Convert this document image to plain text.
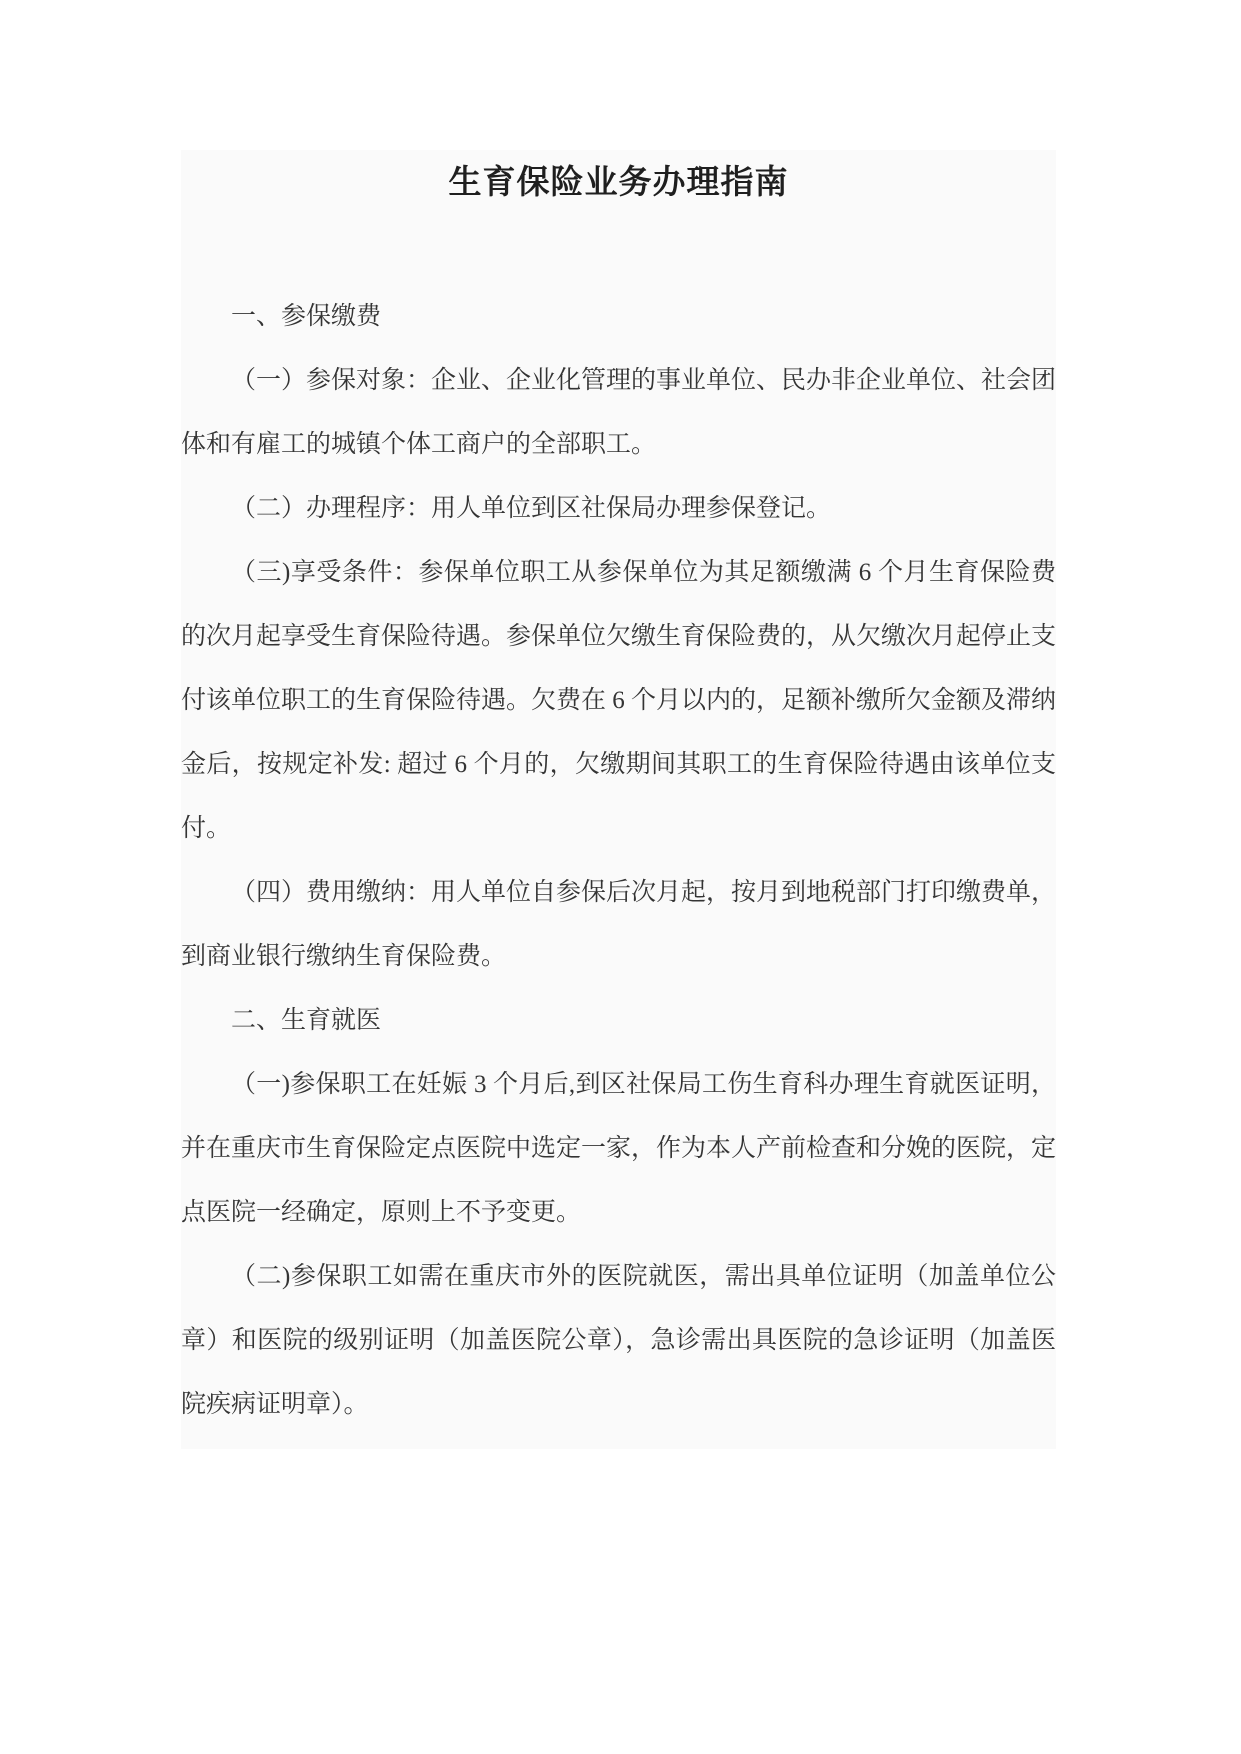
生育保险业务办理指南

一、参保缴费

（一）参保对象：企业、企业化管理的事业单位、民办非企业单位、社会团体和有雇工的城镇个体工商户的全部职工。

（二）办理程序：用人单位到区社保局办理参保登记。

（三)享受条件：参保单位职工从参保单位为其足额缴满 6 个月生育保险费的次月起享受生育保险待遇。参保单位欠缴生育保险费的，从欠缴次月起停止支付该单位职工的生育保险待遇。欠费在 6 个月以内的，足额补缴所欠金额及滞纳金后，按规定补发: 超过 6 个月的，欠缴期间其职工的生育保险待遇由该单位支付。

（四）费用缴纳：用人单位自参保后次月起，按月到地税部门打印缴费单，到商业银行缴纳生育保险费。

二、生育就医

（一)参保职工在妊娠 3 个月后,到区社保局工伤生育科办理生育就医证明，并在重庆市生育保险定点医院中选定一家，作为本人产前检查和分娩的医院，定点医院一经确定，原则上不予变更。

（二)参保职工如需在重庆市外的医院就医，需出具单位证明（加盖单位公章）和医院的级别证明（加盖医院公章），急诊需出具医院的急诊证明（加盖医院疾病证明章）。
